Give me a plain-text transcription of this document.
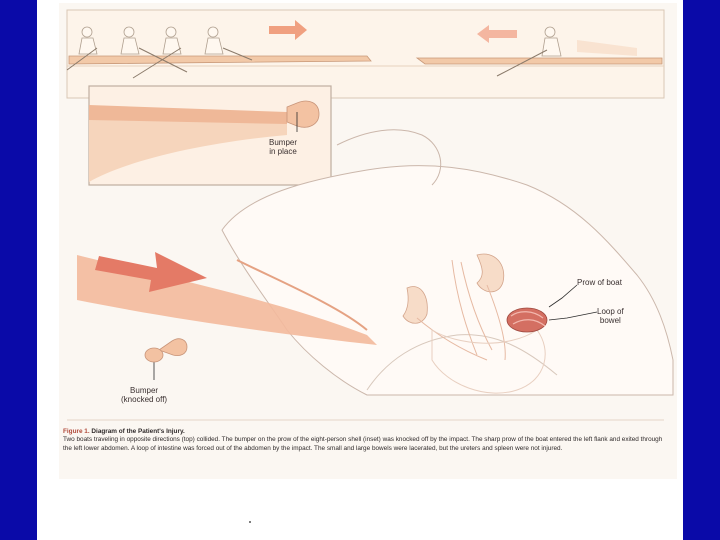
Bumper
in place
Prow of boat
Loop of
bowel
Bumper
(knocked off)
Figure 1. Diagram of the Patient's Injury.
Two boats traveling in opposite directions (top) collided. The bumper on the prow of the eight-person shell (inset) was knocked off by the impact. The sharp prow of the boat entered the left flank and exited through the left lower abdomen. A loop of intestine was forced out of the abdomen by the impact. The small and large bowels were lacerated, but the ureters and spleen were not injured.
